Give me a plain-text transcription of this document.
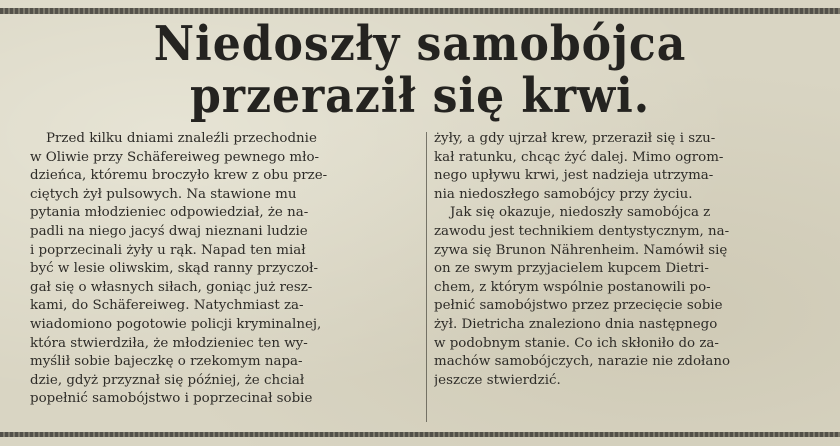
Niedoszły samobójca
przeraził się krwi.
Przed kilku dniami znaleźli przechodnie
w Oliwie przy Schäfereiweg pewnego mło-
dzieńca, któremu broczyło krew z obu prze-
ciętych żył pulsowych. Na stawione mu
pytania młodzieniec odpowiedział, że na-
padli na niego jacyś dwaj nieznani ludzie
i poprzecinali żyły u rąk. Napad ten miał
być w lesie oliwskim, skąd ranny przyczoł-
gał się o własnych siłach, goniąc już resz-
kami, do Schäfereiweg. Natychmiast za-
wiadomiono pogotowie policji kryminalnej,
która stwierdziła, że młodzieniec ten wy-
myślił sobie bajeczkę o rzekomym napa-
dzie, gdyż przyznał się później, że chciał
popełnić samobójstwo i poprzecinał sobie
żyły, a gdy ujrzał krew, przeraził się i szu-
kał ratunku, chcąc żyć dalej. Mimo ogrom-
nego upływu krwi, jest nadzieja utrzyma-
nia niedoszłego samobójcy przy życiu.
Jak się okazuje, niedoszły samobójca z
zawodu jest technikiem dentystycznym, na-
zywa się Brunon Nährenheim. Namówił się
on ze swym przyjacielem kupcem Dietri-
chem, z którym wspólnie postanowili po-
pełnić samobójstwo przez przecięcie sobie
żył. Dietricha znaleziono dnia następnego
w podobnym stanie. Co ich skłoniło do za-
machów samobójczych, narazie nie zdołano
jeszcze stwierdzić.
